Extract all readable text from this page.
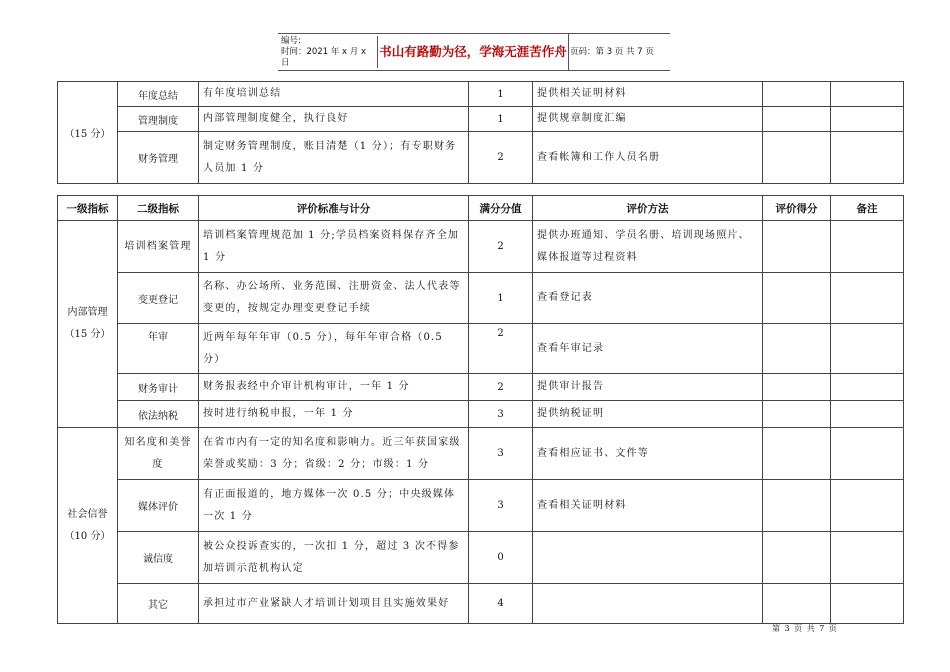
编号:
时间：2021 年 x 月 x 日
书山有路勤为径，学海无涯苦作舟 页码：第 3 页 共 7 页
（15 分）	年度总结	有年度培训总结	1	提供相关证明材料		
	管理制度	内部管理制度健全，执行良好	1	提供规章制度汇编		
	财务管理	制定财务管理制度，账目清楚（1 分）；有专职财务人员加 1 分	2	查看帐簿和工作人员名册		
一级指标	二级指标	评价标准与计分	满分分值	评价方法	评价得分	备注

内部管理
（15 分）	培训档案管理	培训档案管理规范加 1 分;学员档案资料保存齐全加 1 分	2	提供办班通知、学员名册、培训现场照片、媒体报道等过程资料		
	变更登记	名称、办公场所、业务范围、注册资金、法人代表等变更的，按规定办理变更登记手续	1	查看登记表		
	年审	近两年每年年审（0.5 分），每年年审合格（0.5 分）	2	查看年审记录		
	财务审计	财务报表经中介审计机构审计，一年 1 分	2	提供审计报告		
	依法纳税	按时进行纳税申报，一年 1 分	3	提供纳税证明		

社会信誉
（10 分）	知名度和美誉度	在省市内有一定的知名度和影响力。近三年获国家级荣誉或奖励：3 分；省级：2 分；市级：1 分	3	查看相应证书、文件等		
	媒体评价	有正面报道的，地方媒体一次 0.5 分；中央级媒体一次 1 分	3	查看相关证明材料		
	诚信度	被公众投诉查实的，一次扣 1 分，超过 3 次不得参加培训示范机构认定	0			
	其它	承担过市产业紧缺人才培训计划项目且实施效果好	4			
第 3 页 共 7 页
